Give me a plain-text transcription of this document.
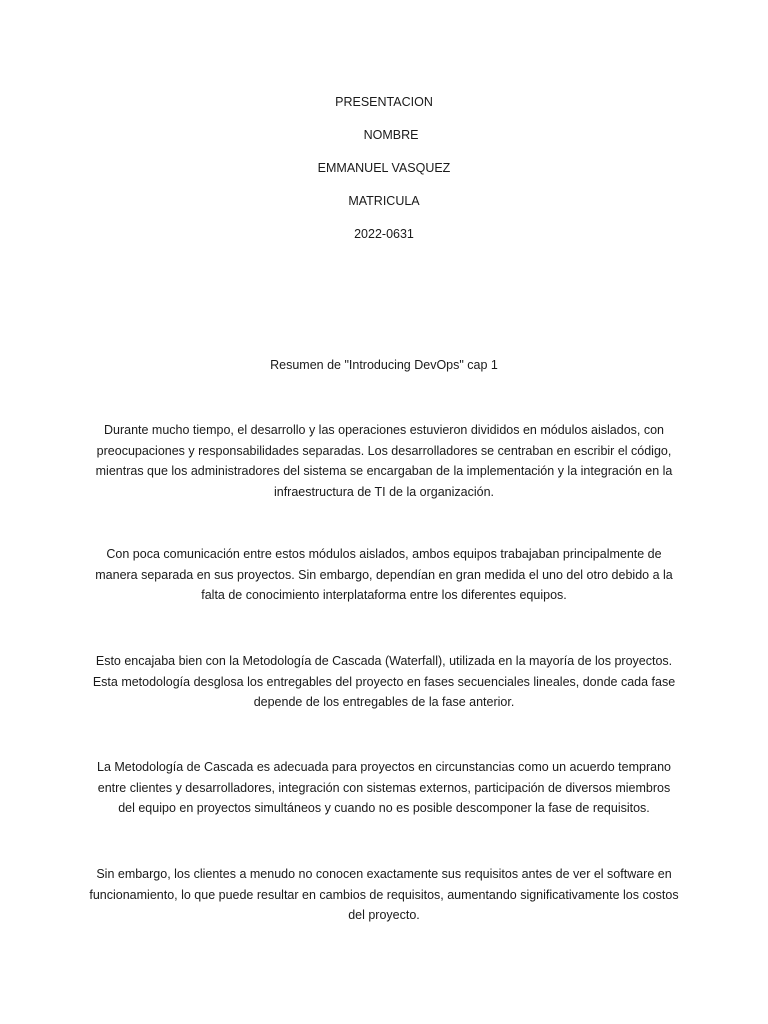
PRESENTACION
NOMBRE
EMMANUEL VASQUEZ
MATRICULA
2022-0631
Resumen de "Introducing DevOps" cap 1

Durante mucho tiempo, el desarrollo y las operaciones estuvieron divididos en módulos aislados, con preocupaciones y responsabilidades separadas. Los desarrolladores se centraban en escribir el código, mientras que los administradores del sistema se encargaban de la implementación y la integración en la infraestructura de TI de la organización.

Con poca comunicación entre estos módulos aislados, ambos equipos trabajaban principalmente de manera separada en sus proyectos. Sin embargo, dependían en gran medida el uno del otro debido a la falta de conocimiento interplataforma entre los diferentes equipos.

Esto encajaba bien con la Metodología de Cascada (Waterfall), utilizada en la mayoría de los proyectos. Esta metodología desglosa los entregables del proyecto en fases secuenciales lineales, donde cada fase depende de los entregables de la fase anterior.

La Metodología de Cascada es adecuada para proyectos en circunstancias como un acuerdo temprano entre clientes y desarrolladores, integración con sistemas externos, participación de diversos miembros del equipo en proyectos simultáneos y cuando no es posible descomponer la fase de requisitos.

Sin embargo, los clientes a menudo no conocen exactamente sus requisitos antes de ver el software en funcionamiento, lo que puede resultar en cambios de requisitos, aumentando significativamente los costos del proyecto.
